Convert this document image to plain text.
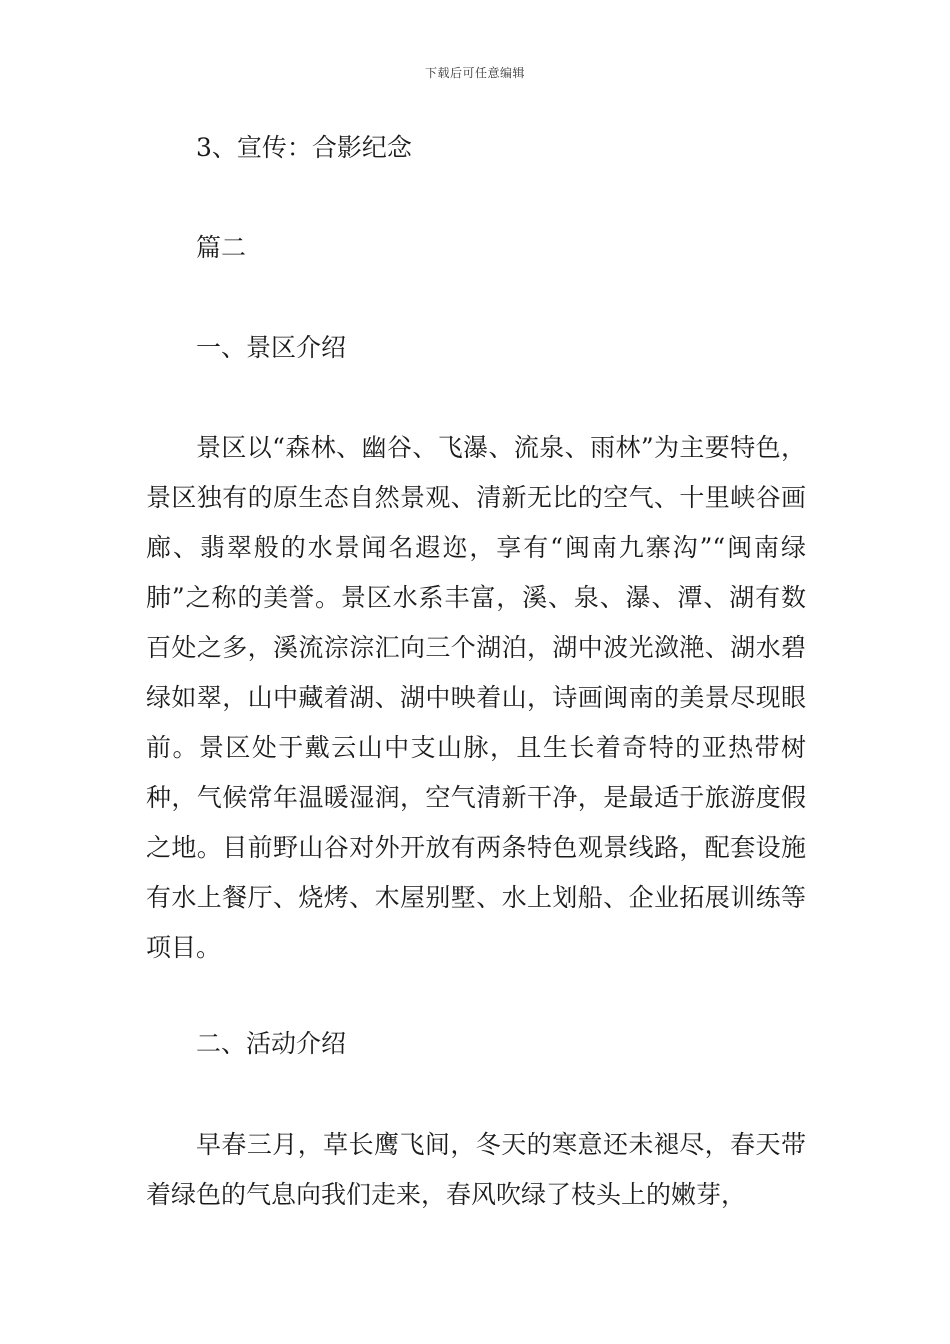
下载后可任意编辑
3、宣传：合影纪念
篇二
一、景区介绍

景区以“森林、幽谷、飞瀑、流泉、雨林”为主要特色，景区独有的原生态自然景观、清新无比的空气、十里峡谷画廊、翡翠般的水景闻名遐迩，享有“闽南九寨沟”“闽南绿肺”之称的美誉。景区水系丰富，溪、泉、瀑、潭、湖有数百处之多，溪流淙淙汇向三个湖泊，湖中波光潋滟、湖水碧绿如翠，山中藏着湖、湖中映着山，诗画闽南的美景尽现眼前。景区处于戴云山中支山脉，且生长着奇特的亚热带树种，气候常年温暖湿润，空气清新干净，是最适于旅游度假之地。目前野山谷对外开放有两条特色观景线路，配套设施有水上餐厅、烧烤、木屋别墅、水上划船、企业拓展训练等项目。

二、活动介绍

早春三月，草长鹰飞间，冬天的寒意还未褪尽，春天带着绿色的气息向我们走来，春风吹绿了枝头上的嫩芽，
